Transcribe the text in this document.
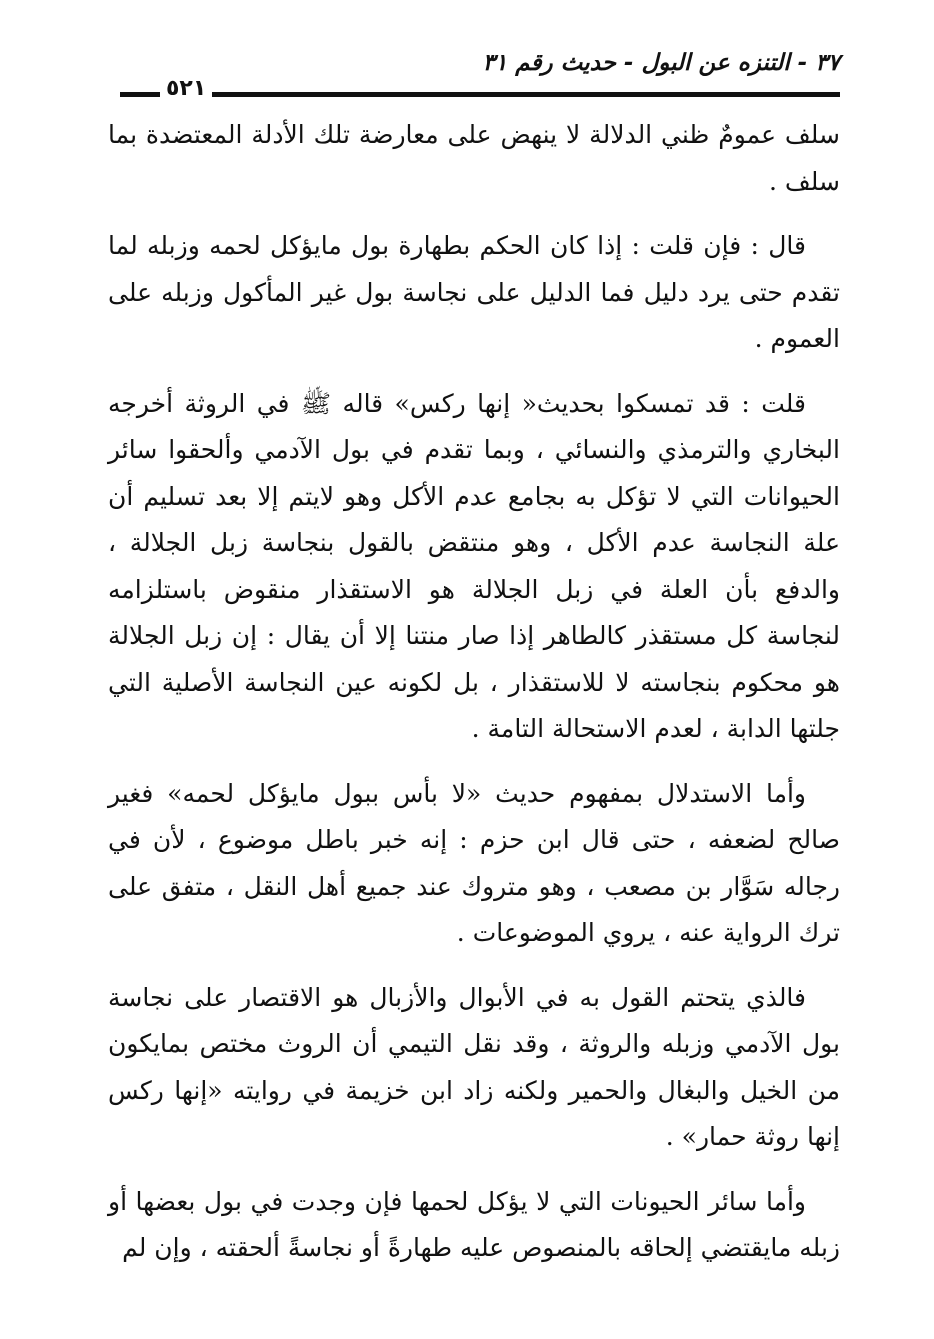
٣٧ - التنزه عن البول - حديث رقم ٣١
٥٢١

سلف عمومٌ ظني الدلالة لا ينهض على معارضة تلك الأدلة المعتضدة بما سلف .

قال : فإن قلت : إذا كان الحكم بطهارة بول مايؤكل لحمه وزبله لما تقدم حتى يرد دليل فما الدليل على نجاسة بول غير المأكول وزبله على العموم .

قلت : قد تمسكوا بحديث« إنها ركس» قاله ﷺ في الروثة أخرجه البخاري والترمذي والنسائي ، وبما تقدم في بول الآدمي وألحقوا سائر الحيوانات التي لا تؤكل به بجامع عدم الأكل وهو لايتم إلا بعد تسليم أن علة النجاسة عدم الأكل ، وهو منتقض بالقول بنجاسة زبل الجلالة ، والدفع بأن العلة في زبل الجلالة هو الاستقذار منقوض باستلزامه لنجاسة كل مستقذر كالطاهر إذا صار منتنا إلا أن يقال : إن زبل الجلالة هو محكوم بنجاسته لا للاستقذار ، بل لكونه عين النجاسة الأصلية التي جلتها الدابة ، لعدم الاستحالة التامة .

وأما الاستدلال بمفهوم حديث «لا بأس ببول مايؤكل لحمه» فغير صالح لضعفه ، حتى قال ابن حزم : إنه خبر باطل موضوع ، لأن في رجاله سَوَّار بن مصعب ، وهو متروك عند جميع أهل النقل ، متفق على ترك الرواية عنه ، يروي الموضوعات .

فالذي يتحتم القول به في الأبوال والأزبال هو الاقتصار على نجاسة بول الآدمي وزبله والروثة ، وقد نقل التيمي أن الروث مختص بمايكون من الخيل والبغال والحمير ولكنه زاد ابن خزيمة في روايته «إنها ركس إنها روثة حمار» .

وأما سائر الحيونات التي لا يؤكل لحمها فإن وجدت في بول بعضها أو زبله مايقتضي إلحاقه بالمنصوص عليه طهارةً أو نجاسةً ألحقته ، وإن لم
